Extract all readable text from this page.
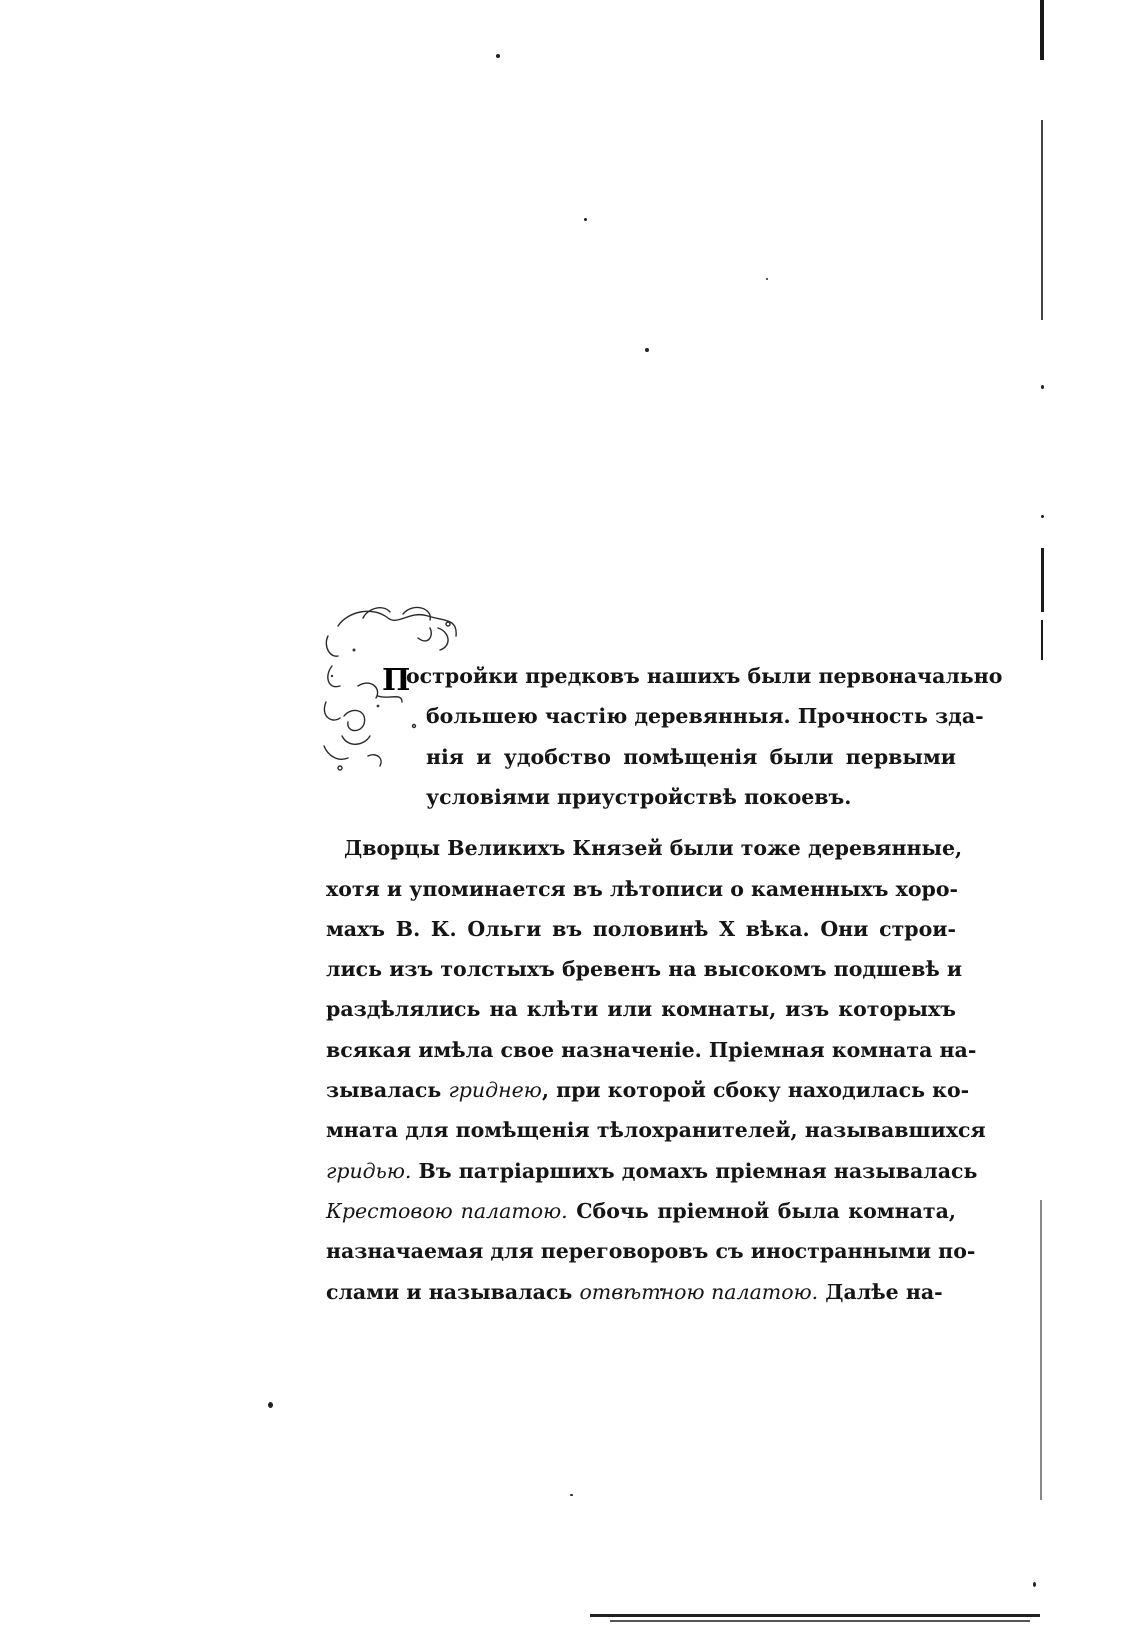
П
остройки предковъ нашихъ были первоначально
большею частію деревянныя. Прочность зда-
нія и удобство помѣщенія были первыми
условіями приустройствѣ покоевъ.
Дворцы Великихъ Князей были тоже деревянные,
хотя и упоминается въ лѣтописи о каменныхъ хоро-
махъ В. К. Ольги въ половинѣ X вѣка. Они строи-
лись изъ толстыхъ бревенъ на высокомъ подшевѣ и
раздѣлялись на клѣти или комнаты, изъ которыхъ
всякая имѣла свое назначеніе. Пріемная комната на-
зывалась гриднею, при которой сбоку находилась ко-
мната для помѣщенія тѣлохранителей, называвшихся
гридью. Въ патріаршихъ домахъ пріемная называлась
Крестовою палатою. Сбочь пріемной была комната,
назначаемая для переговоровъ съ иностранными по-
слами и называлась отвѣтною палатою. Далѣе на-
